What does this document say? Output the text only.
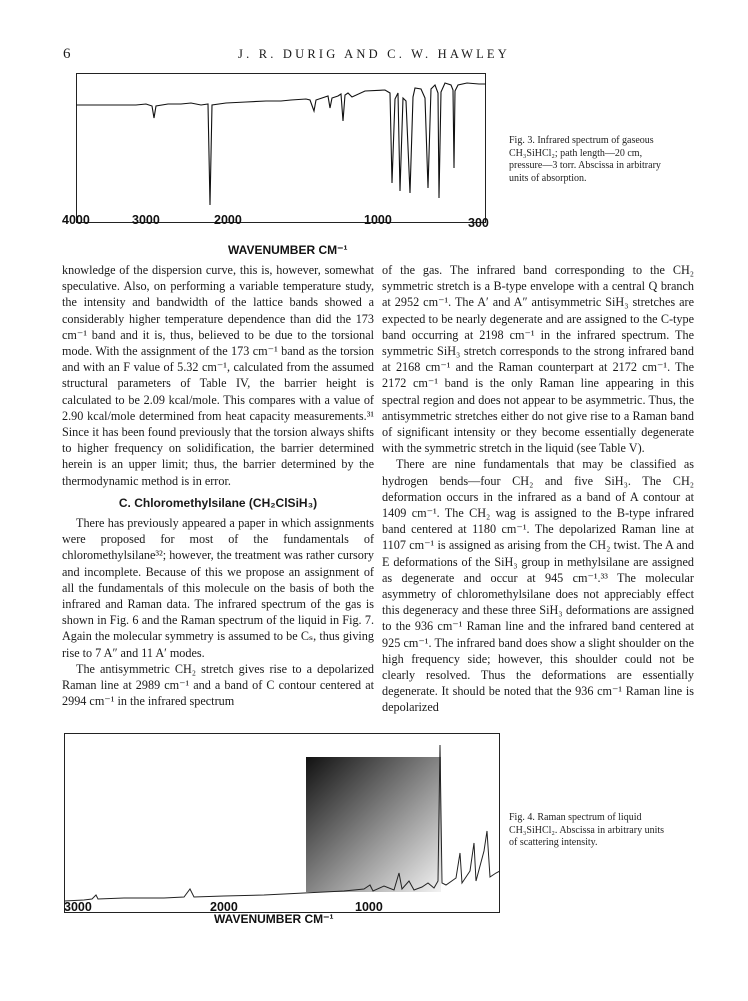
6	J. R. DURIG AND C. W. HAWLEY
4000	3000	2000	1000	300
WAVENUMBER CM⁻¹
Fig. 3. Infrared spectrum of gaseous CH₃SiHCl₂; path length—20 cm, pressure—3 torr. Abscissa in arbitrary units of absorption.

knowledge of the dispersion curve, this is, however, somewhat speculative. Also, on performing a variable temperature study, the intensity and bandwidth of the lattice bands showed a considerably higher temperature dependence than did the 173 cm⁻¹ band and it is, thus, believed to be due to the torsional mode. With the assignment of the 173 cm⁻¹ band as the torsion and with an F value of 5.32 cm⁻¹, calculated from the assumed structural parameters of Table IV, the barrier height is calculated to be 2.09 kcal/mole. This compares with a value of 2.90 kcal/mole determined from heat capacity measurements.³¹ Since it has been found previously that the torsion always shifts to higher frequency on solidification, the barrier determined herein is an upper limit; thus, the barrier determined by the thermodynamic method is in error.

C. Chloromethylsilane (CH₂ClSiH₃)

There has previously appeared a paper in which assignments were proposed for most of the fundamentals of chloromethylsilane³²; however, the treatment was rather cursory and incomplete. Because of this we propose an assignment of all the fundamentals of this molecule on the basis of both the infrared and Raman data. The infrared spectrum of the gas is shown in Fig. 6 and the Raman spectrum of the liquid in Fig. 7. Again the molecular symmetry is assumed to be Cₛ, thus giving rise to 7 A″ and 11 A′ modes.

The antisymmetric CH₂ stretch gives rise to a depolarized Raman line at 2989 cm⁻¹ and a band of C contour centered at 2994 cm⁻¹ in the infrared spectrum

of the gas. The infrared band corresponding to the CH₂ symmetric stretch is a B-type envelope with a central Q branch at 2952 cm⁻¹. The A′ and A″ antisymmetric SiH₃ stretches are expected to be nearly degenerate and are assigned to the C-type band occurring at 2198 cm⁻¹ in the infrared spectrum. The symmetric SiH₃ stretch corresponds to the strong infrared band at 2168 cm⁻¹ and the Raman counterpart at 2172 cm⁻¹. The 2172 cm⁻¹ band is the only Raman line appearing in this spectral region and does not appear to be asymmetric. Thus, the antisymmetric stretches either do not give rise to a Raman band of significant intensity or they become essentially degenerate with the symmetric stretch in the liquid (see Table V).

There are nine fundamentals that may be classified as hydrogen bends—four CH₂ and five SiH₃. The CH₂ deformation occurs in the infrared as a band of A contour at 1409 cm⁻¹. The CH₂ wag is assigned to the B-type infrared band centered at 1180 cm⁻¹. The depolarized Raman line at 1107 cm⁻¹ is assigned as arising from the CH₂ twist. The A and E deformations of the SiH₃ group in methylsilane are assigned as degenerate and occur at 945 cm⁻¹.³³ The molecular asymmetry of chloromethylsilane does not appreciably effect this degeneracy and these three SiH₃ deformations are assigned to the 936 cm⁻¹ Raman line and the infrared band centered at 925 cm⁻¹. The infrared band does show a slight shoulder on the high frequency side; however, this shoulder could not be clearly resolved. Thus the deformations are essentially degenerate. It should be noted that the 936 cm⁻¹ Raman line is depolarized

3000	2000	1000
WAVENUMBER CM⁻¹
Fig. 4. Raman spectrum of liquid CH₃SiHCl₂. Abscissa in arbitrary units of scattering intensity.
